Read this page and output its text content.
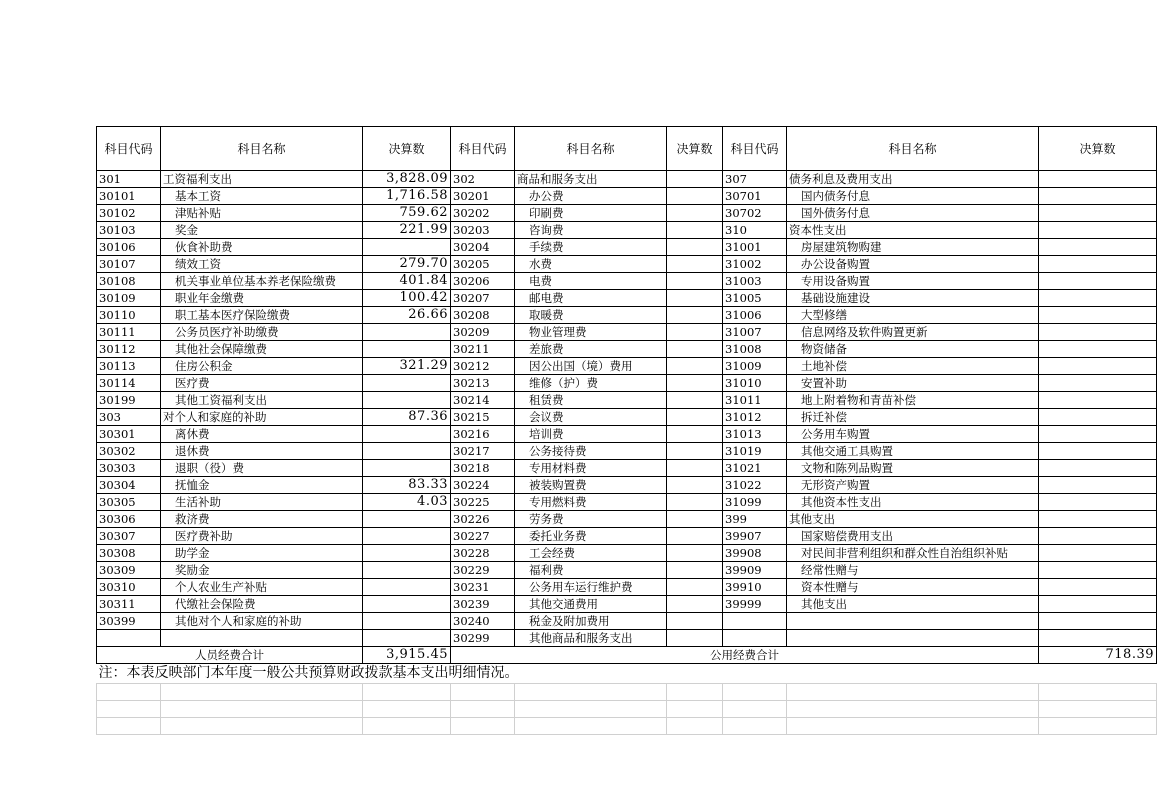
科目代码	科目名称	决算数	科目代码	科目名称	决算数	科目代码	科目名称	决算数
301	工资福利支出	3,828.09	302	商品和服务支出		307	债务利息及费用支出	
30101	基本工资	1,716.58	30201	办公费		30701	国内债务付息	
30102	津贴补贴	759.62	30202	印刷费		30702	国外债务付息	
30103	奖金	221.99	30203	咨询费		310	资本性支出	
30106	伙食补助费		30204	手续费		31001	房屋建筑物购建	
30107	绩效工资	279.70	30205	水费		31002	办公设备购置	
30108	机关事业单位基本养老保险缴费	401.84	30206	电费		31003	专用设备购置	
30109	职业年金缴费	100.42	30207	邮电费		31005	基础设施建设	
30110	职工基本医疗保险缴费	26.66	30208	取暖费		31006	大型修缮	
30111	公务员医疗补助缴费		30209	物业管理费		31007	信息网络及软件购置更新	
30112	其他社会保障缴费		30211	差旅费		31008	物资储备	
30113	住房公积金	321.29	30212	因公出国（境）费用		31009	土地补偿	
30114	医疗费		30213	维修（护）费		31010	安置补助	
30199	其他工资福利支出		30214	租赁费		31011	地上附着物和青苗补偿	
303	对个人和家庭的补助	87.36	30215	会议费		31012	拆迁补偿	
30301	离休费		30216	培训费		31013	公务用车购置	
30302	退休费		30217	公务接待费		31019	其他交通工具购置	
30303	退职（役）费		30218	专用材料费		31021	文物和陈列品购置	
30304	抚恤金	83.33	30224	被装购置费		31022	无形资产购置	
30305	生活补助	4.03	30225	专用燃料费		31099	其他资本性支出	
30306	救济费		30226	劳务费		399	其他支出	
30307	医疗费补助		30227	委托业务费		39907	国家赔偿费用支出	
30308	助学金		30228	工会经费		39908	对民间非营利组织和群众性自治组织补贴	
30309	奖励金		30229	福利费		39909	经常性赠与	
30310	个人农业生产补贴		30231	公务用车运行维护费		39910	资本性赠与	
30311	代缴社会保险费		30239	其他交通费用		39999	其他支出	
30399	其他对个人和家庭的补助		30240	税金及附加费用				
			30299	其他商品和服务支出				
人员经费合计		3,915.45	公用经费合计					718.39
注：本表反映部门本年度一般公共预算财政拨款基本支出明细情况。								
